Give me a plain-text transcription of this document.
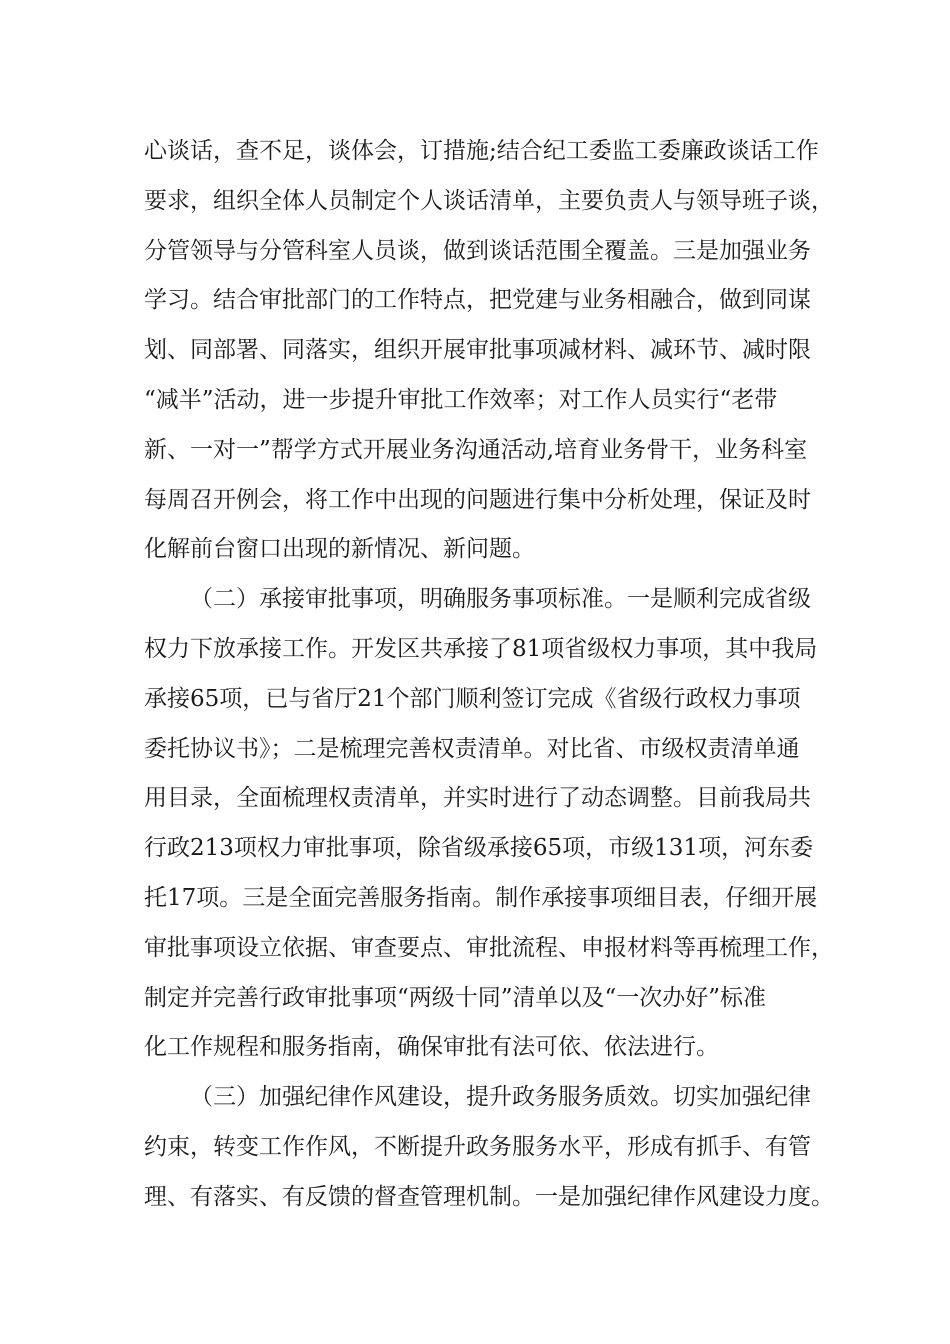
心谈话，查不足，谈体会，订措施;结合纪工委监工委廉政谈话工作
要求，组织全体人员制定个人谈话清单，主要负责人与领导班子谈，
分管领导与分管科室人员谈，做到谈话范围全覆盖。三是加强业务
学习。结合审批部门的工作特点，把党建与业务相融合，做到同谋
划、同部署、同落实，组织开展审批事项减材料、减环节、减时限
“减半”活动，进一步提升审批工作效率；对工作人员实行“老带
新、一对一”帮学方式开展业务沟通活动,培育业务骨干，业务科室
每周召开例会，将工作中出现的问题进行集中分析处理，保证及时
化解前台窗口出现的新情况、新问题。
（二）承接审批事项，明确服务事项标准。一是顺利完成省级
权力下放承接工作。开发区共承接了81项省级权力事项，其中我局
承接65项，已与省厅21个部门顺利签订完成《省级行政权力事项
委托协议书》；二是梳理完善权责清单。对比省、市级权责清单通
用目录，全面梳理权责清单，并实时进行了动态调整。目前我局共
行政213项权力审批事项，除省级承接65项，市级131项，河东委
托17项。三是全面完善服务指南。制作承接事项细目表，仔细开展
审批事项设立依据、审查要点、审批流程、申报材料等再梳理工作，
制定并完善行政审批事项“两级十同”清单以及“一次办好”标准
化工作规程和服务指南，确保审批有法可依、依法进行。
（三）加强纪律作风建设，提升政务服务质效。切实加强纪律
约束，转变工作作风，不断提升政务服务水平，形成有抓手、有管
理、有落实、有反馈的督查管理机制。一是加强纪律作风建设力度。
